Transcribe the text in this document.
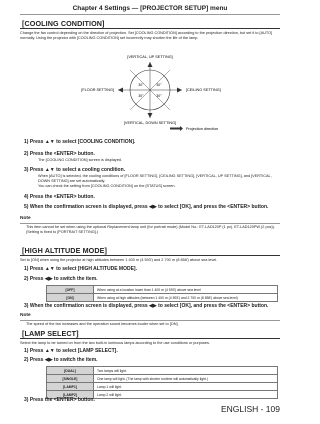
Chapter 4 Settings — [PROJECTOR SETUP] menu
[COOLING CONDITION]
Change the fan control depending on the direction of projection. Set [COOLING CONDITION] according to the projection direction, but set it to [AUTO] normally. Using the projector with [COOLING CONDITION] set incorrectly may shorten the life of the lamp.
[VERTICAL, UP SETTING]
30°	30°
30°	30°
[FLOOR SETTING]	[CEILING SETTING]
[VERTICAL, DOWN SETTING]
Projection direction
1) Press ▲▼ to select [COOLING CONDITION].
2) Press the <ENTER> button.
The [COOLING CONDITION] screen is displayed.
3) Press ▲▼ to select a cooling condition.
When [AUTO] is selected, the cooling conditions of [FLOOR SETTING], [CEILING SETTING], [VERTICAL, UP SETTING], and [VERTICAL, DOWN SETTING] are set automatically.
You can check the setting from [COOLING CONDITION] on the [STATUS] screen.
4) Press the <ENTER> button.
5) When the confirmation screen is displayed, press ◀▶ to select [OK], and press the <ENTER> button.
Note
This item cannot be set when using the optional Replacement lamp unit (for portrait mode) (Model No.: ET-LAD120P (1 pc), ET-LAD120PW (2 pcs)). (Setting is fixed to [PORTRAIT SETTING].)
[HIGH ALTITUDE MODE]
Set to [ON] when using the projector at high altitudes between 1 400 m (4 593') and 2 700 m (8 858') above sea level.
1) Press ▲▼ to select [HIGH ALTITUDE MODE].
2) Press ◀▶ to switch the item.
[OFF]	When using at a location lower than 1 400 m (4 593') above sea level
[ON]	When using at high altitudes (between 1 400 m (4 593') and 2 700 m (8 858') above sea level)
3) When the confirmation screen is displayed, press ◀▶ to select [OK], and press the <ENTER> button.
Note
The speed of the fan increases and the operation sound becomes louder when set to [ON].
[LAMP SELECT]
Select the lamp to be turned on from the two built-in luminous lamps according to the use conditions or purposes.
1) Press ▲▼ to select [LAMP SELECT].
2) Press ◀▶ to switch the item.
[DUAL]	Two lamps will light.
[SINGLE]	One lamp will light. (The lamp with shorter runtime will automatically light.)
[LAMP1]	Lamp 1 will light.
[LAMP2]	Lamp 2 will light.
3) Press the <ENTER> button.
ENGLISH - 109
